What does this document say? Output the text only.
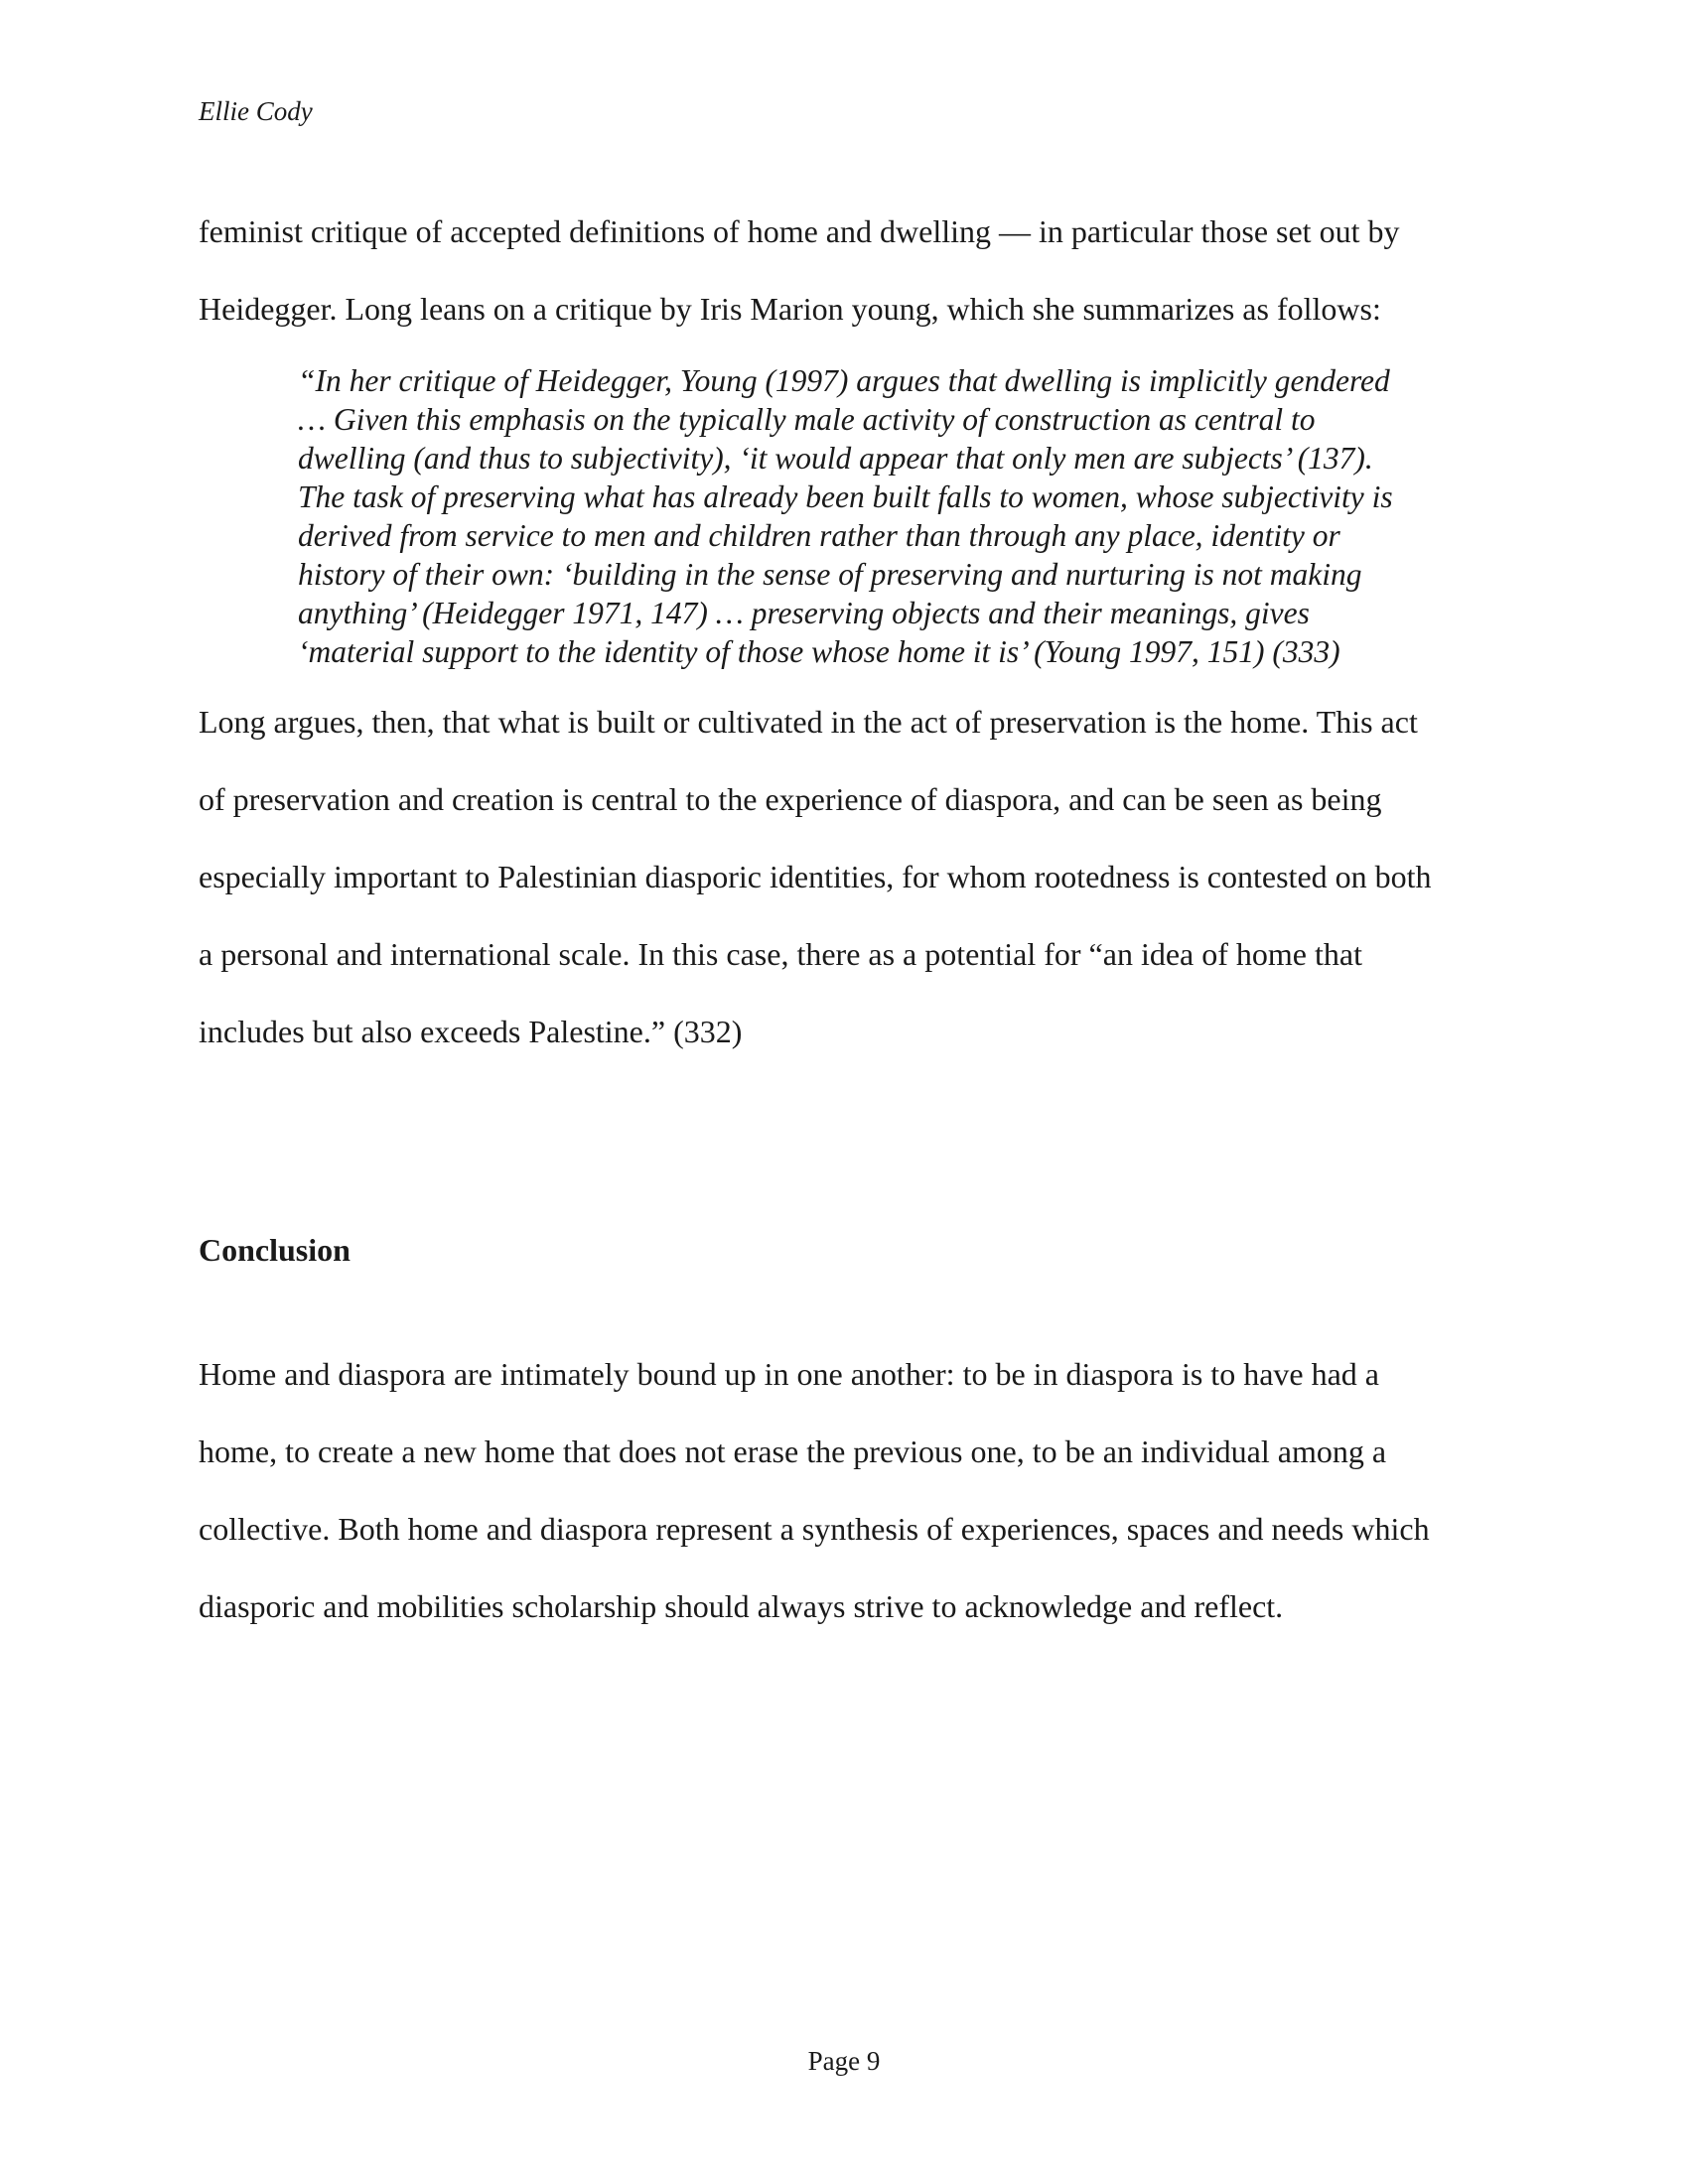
Ellie Cody

feminist critique of accepted definitions of home and dwelling — in particular those set out by
Heidegger. Long leans on a critique by Iris Marion young, which she summarizes as follows:

“In her critique of Heidegger, Young (1997) argues that dwelling is implicitly gendered
… Given this emphasis on the typically male activity of construction as central to
dwelling (and thus to subjectivity), ‘it would appear that only men are subjects’ (137).
The task of preserving what has already been built falls to women, whose subjectivity is
derived from service to men and children rather than through any place, identity or
history of their own: ‘building in the sense of preserving and nurturing is not making
anything’ (Heidegger 1971, 147) … preserving objects and their meanings, gives
‘material support to the identity of those whose home it is’ (Young 1997, 151) (333)

Long argues, then, that what is built or cultivated in the act of preservation is the home. This act
of preservation and creation is central to the experience of diaspora, and can be seen as being
especially important to Palestinian diasporic identities, for whom rootedness is contested on both
a personal and international scale. In this case, there as a potential for “an idea of home that
includes but also exceeds Palestine.” (332)

Conclusion

Home and diaspora are intimately bound up in one another: to be in diaspora is to have had a
home, to create a new home that does not erase the previous one, to be an individual among a
collective. Both home and diaspora represent a synthesis of experiences, spaces and needs which
diasporic and mobilities scholarship should always strive to acknowledge and reflect.

Page 9
